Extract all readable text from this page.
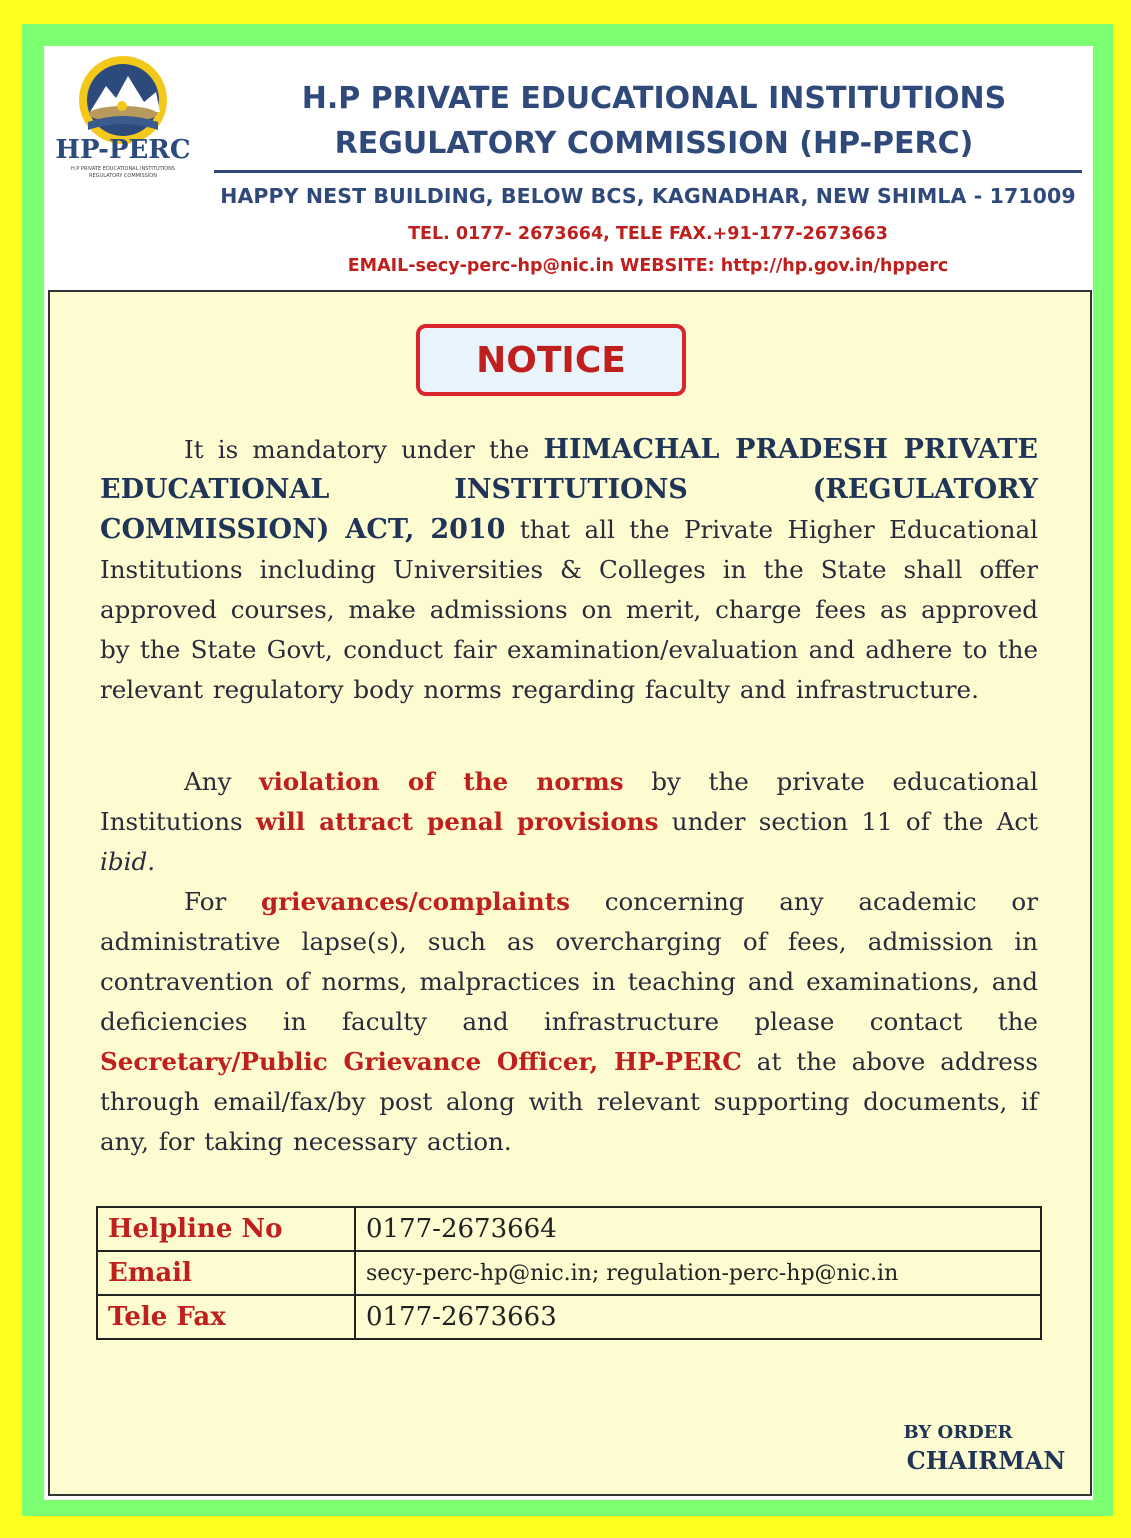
HP-PERC
H.P PRIVATE EDUCATIONAL INSTITUTIONS
REGULATORY COMMISSION
H.P PRIVATE EDUCATIONAL INSTITUTIONS
REGULATORY COMMISSION (HP-PERC)
HAPPY NEST BUILDING, BELOW BCS, KAGNADHAR, NEW SHIMLA - 171009
TEL. 0177- 2673664, TELE FAX.+91-177-2673663
EMAIL-secy-perc-hp@nic.in WEBSITE: http://hp.gov.in/hpperc
NOTICE
It is mandatory under the HIMACHAL PRADESH PRIVATE EDUCATIONAL INSTITUTIONS (REGULATORY COMMISSION) ACT, 2010 that all the Private Higher Educational Institutions including Universities & Colleges in the State shall offer approved courses, make admissions on merit, charge fees as approved by the State Govt, conduct fair examination/evaluation and adhere to the relevant regulatory body norms regarding faculty and infrastructure.
Any violation of the norms by the private educational Institutions will attract penal provisions under section 11 of the Act ibid.
For grievances/complaints concerning any academic or administrative lapse(s), such as overcharging of fees, admission in contravention of norms, malpractices in teaching and examinations, and deficiencies in faculty and infrastructure please contact the Secretary/Public Grievance Officer, HP-PERC at the above address through email/fax/by post along with relevant supporting documents, if any, for taking necessary action.
Helpline No	0177-2673664
Email	secy-perc-hp@nic.in; regulation-perc-hp@nic.in
Tele Fax	0177-2673663
BY ORDER
CHAIRMAN
